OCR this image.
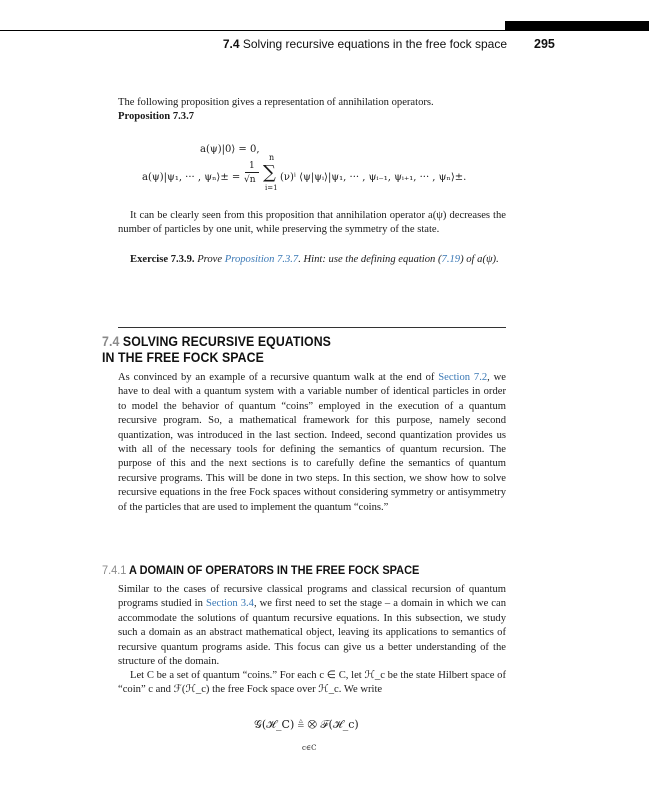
7.4 Solving recursive equations in the free fock space 295

The following proposition gives a representation of annihilation operators.
Proposition 7.3.7

a(ψ)|0⟩ = 0,
a(ψ)|ψ₁, ··· , ψₙ⟩± =
1
√n
n
∑
i=1
(ν)ⁱ ⟨ψ|ψᵢ⟩|ψ₁, ··· , ψᵢ₋₁, ψᵢ₊₁, ··· , ψₙ⟩±.

It can be clearly seen from this proposition that annihilation operator a(ψ) decreases the number of particles by one unit, while preserving the symmetry of the state.

Exercise 7.3.9. Prove Proposition 7.3.7. Hint: use the defining equation (7.19) of a(ψ).

7.4 SOLVING RECURSIVE EQUATIONS
IN THE FREE FOCK SPACE

As convinced by an example of a recursive quantum walk at the end of Section 7.2, we have to deal with a quantum system with a variable number of identical particles in order to model the behavior of quantum “coins” employed in the execution of a quantum recursive program. So, a mathematical framework for this purpose, namely second quantization, was introduced in the last section. Indeed, second quantization provides us with all of the necessary tools for defining the semantics of quantum recursion. The purpose of this and the next sections is to carefully define the semantics of quantum recursive programs. This will be done in two steps. In this section, we show how to solve recursive equations in the free Fock spaces without considering symmetry or antisymmetry of the particles that are used to implement the quantum “coins.”

7.4.1 A DOMAIN OF OPERATORS IN THE FREE FOCK SPACE

Similar to the cases of recursive classical programs and classical recursion of quantum programs studied in Section 3.4, we first need to set the stage – a domain in which we can accommodate the solutions of quantum recursive equations. In this subsection, we study such a domain as an abstract mathematical object, leaving its applications to semantics of recursive quantum programs aside. This focus can give us a better understanding of the structure of the domain.

Let C be a set of quantum “coins.” For each c ∈ C, let ℋ_c be the state Hilbert space of “coin” c and ℱ(ℋ_c) the free Fock space over ℋ_c. We write

𝒢(ℋ_C) ≜ ⨂ ℱ(ℋ_c)
c∈C
